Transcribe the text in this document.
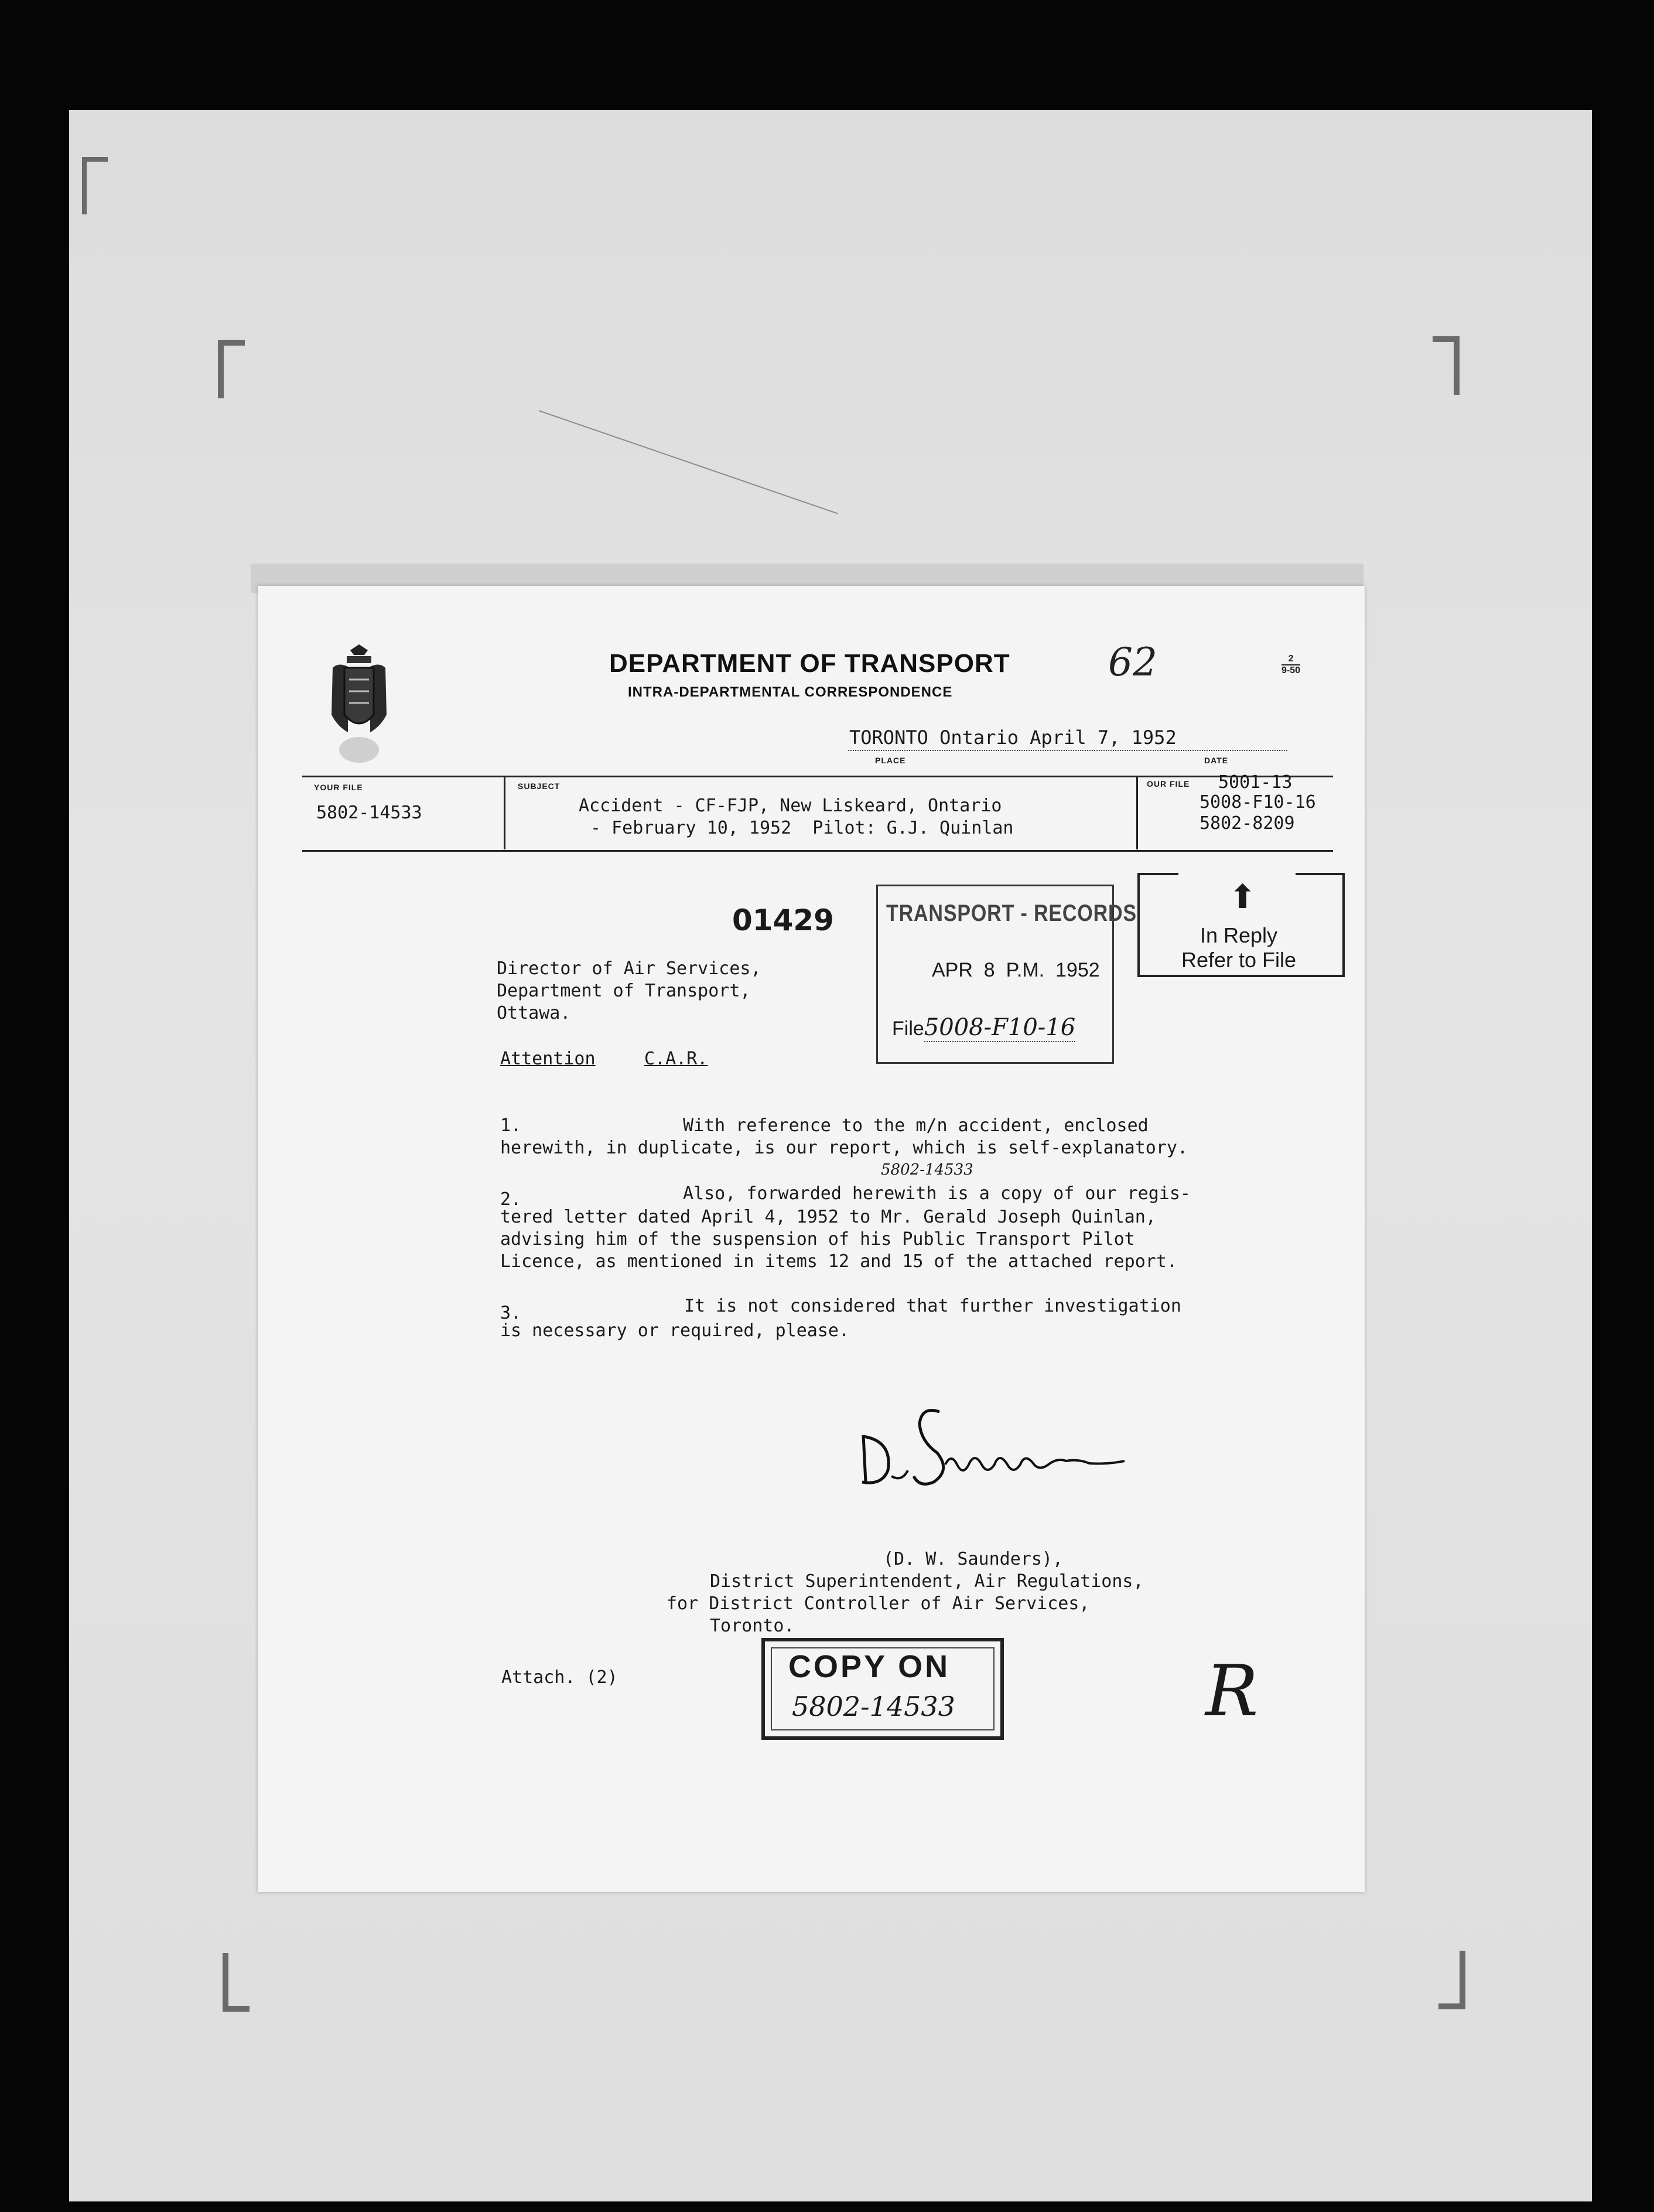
DEPARTMENT OF TRANSPORT
INTRA-DEPARTMENTAL CORRESPONDENCE
62	2
9-50
TORONTO Ontario April 7, 1952
PLACE	DATE
YOUR FILE
5802-14533
SUBJECT
Accident - CF-FJP, New Liskeard, Ontario
- February 10, 1952  Pilot: G.J. Quinlan
OUR FILE 5001-13
5008-F10-16
5802-8209
01429 TRANSPORT - RECORDS
APR  8  P.M.  1952
File5008-F10-16
⬆
In Reply
Refer to File
Director of Air Services,
Department of Transport,
Ottawa.
Attention	C.A.R.
1.	With reference to the m/n accident, enclosed
herewith, in duplicate, is our report, which is self-explanatory.
5802-14533
2.	Also, forwarded herewith is a copy of our regis-
tered letter dated April 4, 1952 to Mr. Gerald Joseph Quinlan,
advising him of the suspension of his Public Transport Pilot
Licence, as mentioned in items 12 and 15 of the attached report.
3.	It is not considered that further investigation
is necessary or required, please.
(D. W. Saunders),
District Superintendent, Air Regulations,
for District Controller of Air Services,
Toronto.
Attach. (2)	COPY ON
5802-14533	R
